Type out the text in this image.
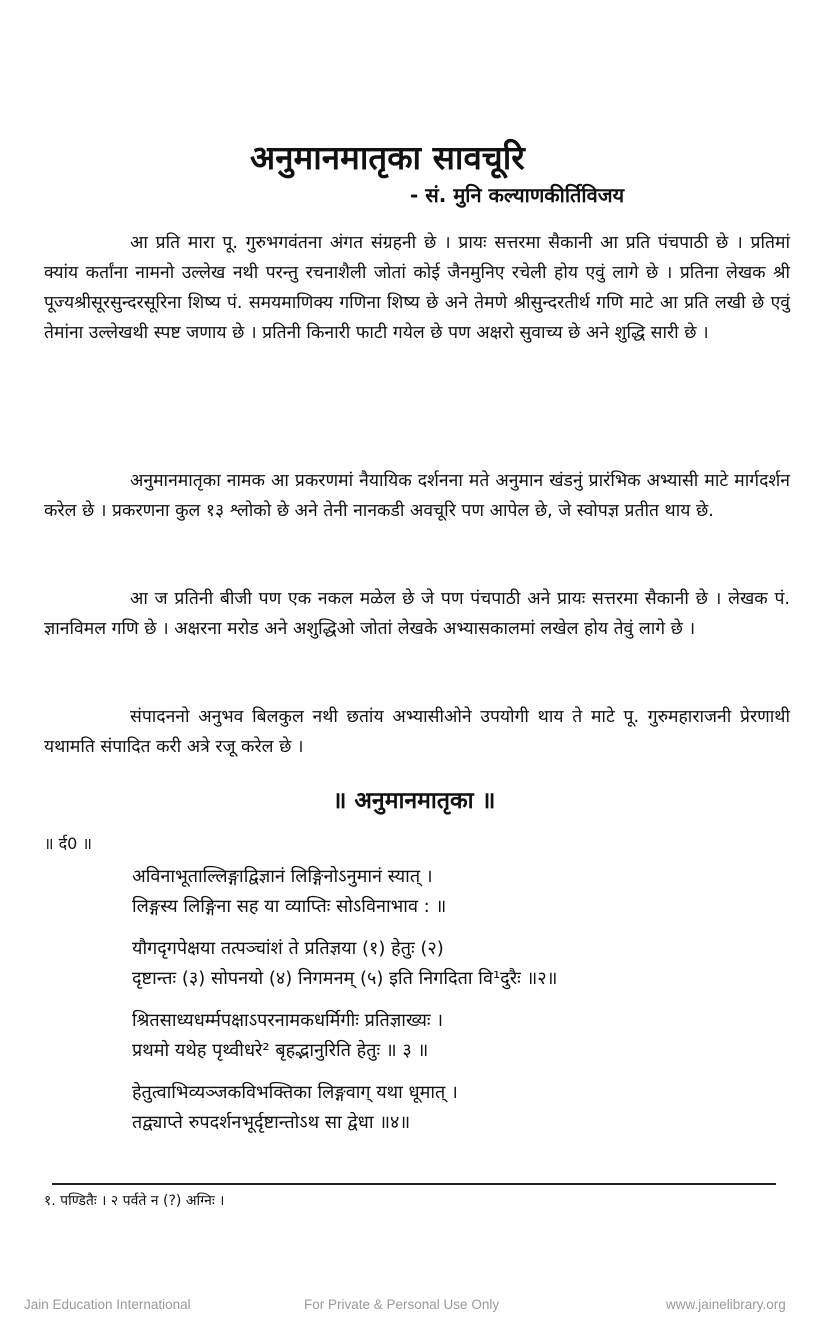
अनुमानमातृका सावचूरि
- सं. मुनि कल्याणकीर्तिविजय

आ प्रति मारा पू. गुरुभगवंतना अंगत संग्रहनी छे । प्रायः सत्तरमा सैकानी आ प्रति पंचपाठी छे । प्रतिमां क्यांय कर्तांना नामनो उल्लेख नथी परन्तु रचनाशैली जोतां कोई जैनमुनिए रचेली होय एवुं लागे छे । प्रतिना लेखक श्री पूज्यश्रीसूरसुन्दरसूरिना शिष्य पं. समयमाणिक्य गणिना शिष्य छे अने तेमणे श्रीसुन्दरतीर्थ गणि माटे आ प्रति लखी छे एवुं तेमांना उल्लेखथी स्पष्ट जणाय छे । प्रतिनी किनारी फाटी गयेल छे पण अक्षरो सुवाच्य छे अने शुद्धि सारी छे ।

अनुमानमातृका नामक आ प्रकरणमां नैयायिक दर्शनना मते अनुमान खंडनुं प्रारंभिक अभ्यासी माटे मार्गदर्शन करेल छे । प्रकरणना कुल १३ श्लोको छे अने तेनी नानकडी अवचूरि पण आपेल छे, जे स्वोपज्ञ प्रतीत थाय छे.

आ ज प्रतिनी बीजी पण एक नकल मळेल छे जे पण पंचपाठी अने प्रायः सत्तरमा सैकानी छे । लेखक पं. ज्ञानविमल गणि छे । अक्षरना मरोड अने अशुद्धिओ जोतां लेखके अभ्यासकालमां लखेल होय तेवुं लागे छे ।

संपादननो अनुभव बिलकुल नथी छतांय अभ्यासीओने उपयोगी थाय ते माटे पू. गुरुमहाराजनी प्रेरणाथी यथामति संपादित करी अत्रे रजू करेल छे ।

॥ अनुमानमातृका ॥
॥ र्द0 ॥
अविनाभूताल्लिङ्गाद्विज्ञानं लिङ्गिनोऽनुमानं स्यात् ।
लिङ्गस्य लिङ्गिना सह या व्याप्तिः सोऽविनाभाव : ॥
यौगदृगपेक्षया तत्पञ्चांशं ते प्रतिज्ञया (१) हेतुः (२)
दृष्टान्तः (३) सोपनयो (४) निगमनम् (५) इति निगदिता वि¹दुरैः ॥२॥
श्रितसाध्यधर्म्मपक्षाऽपरनामकधर्मिगीः प्रतिज्ञाख्यः ।
प्रथमो यथेह पृथ्वीधरे² बृहद्भानुरिति हेतुः ॥ ३ ॥
हेतुत्वाभिव्यञ्जकविभक्तिका लिङ्गवाग् यथा धूमात् ।
तद्व्याप्ते रुपदर्शनभूर्दृष्टान्तोऽथ सा द्वेधा ॥४॥
१. पण्डितैः । २ पर्वते न (?) अग्निः ।
Jain Education International	For Private & Personal Use Only	www.jainelibrary.org
